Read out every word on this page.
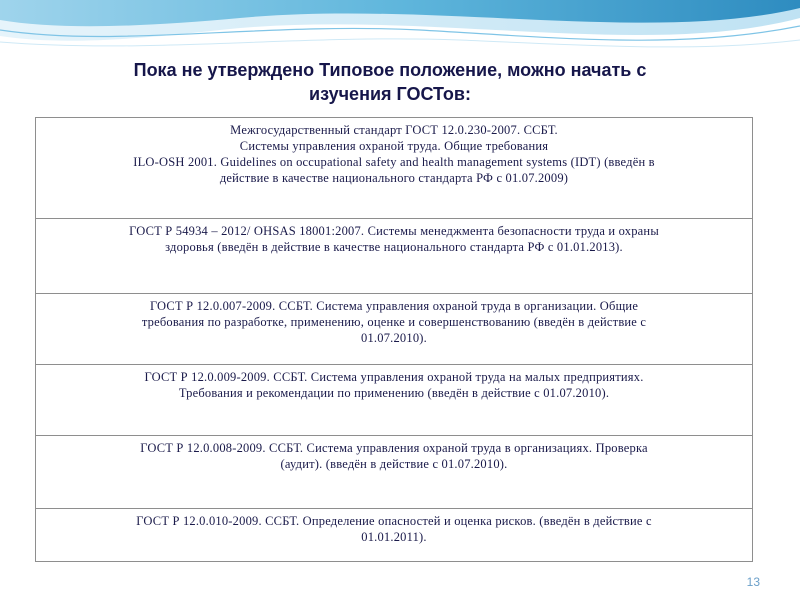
Пока не утверждено Типовое положение, можно начать с
изучения ГОСТов:
Межгосударственный стандарт ГОСТ 12.0.230-2007. ССБТ.
Системы управления охраной труда. Общие требования
ILO-OSH 2001. Guidelines on occupational safety and health management systems (IDT) (введён в
действие в качестве национального стандарта РФ с 01.07.2009)

ГОСТ Р 54934 – 2012/ OHSAS 18001:2007. Системы менеджмента безопасности труда и охраны
здоровья (введён в действие в качестве национального стандарта РФ с 01.01.2013).

ГОСТ Р 12.0.007-2009. ССБТ. Система управления охраной труда в организации. Общие
требования по разработке, применению, оценке и совершенствованию (введён в действие с
01.07.2010).

ГОСТ Р 12.0.009-2009. ССБТ. Система управления охраной труда на малых предприятиях.
Требования и рекомендации по применению (введён в действие с 01.07.2010).

ГОСТ Р 12.0.008-2009. ССБТ. Система управления охраной труда в организациях. Проверка
(аудит). (введён в действие с 01.07.2010).

ГОСТ Р 12.0.010-2009. ССБТ. Определение опасностей и оценка рисков. (введён в действие с
01.01.2011).
13
